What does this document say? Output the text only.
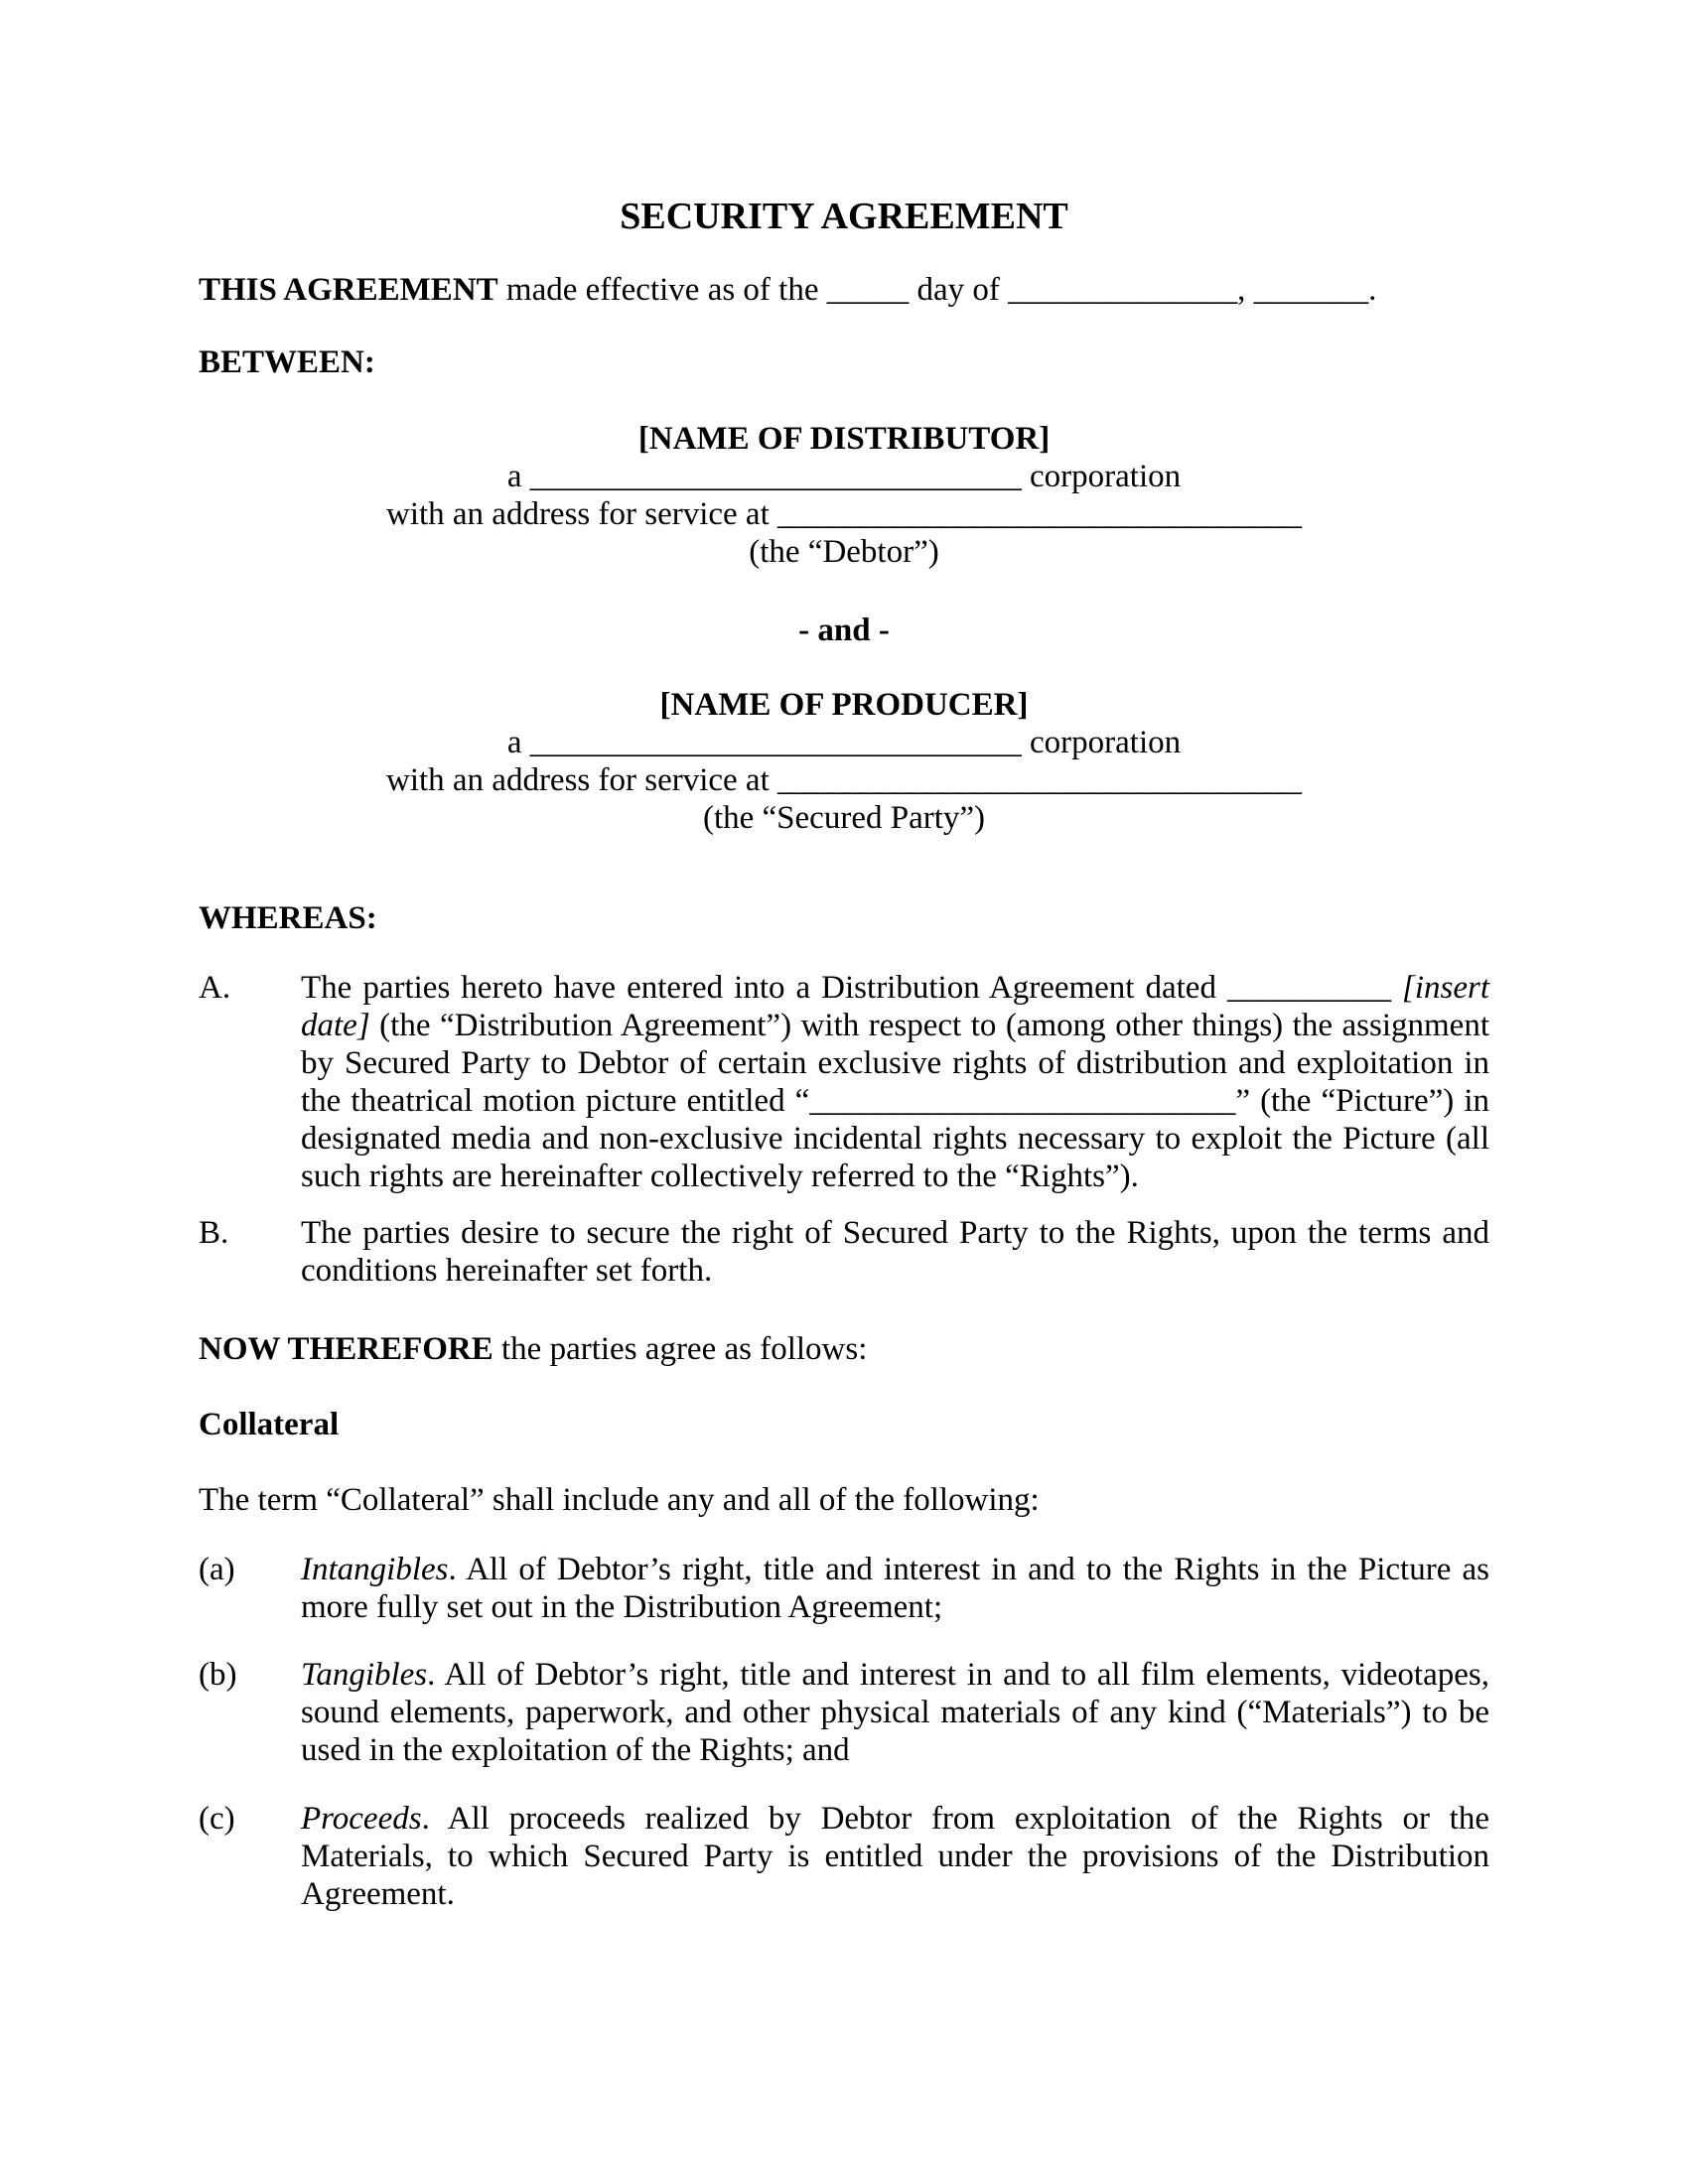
SECURITY AGREEMENT

THIS AGREEMENT made effective as of the _____ day of ______________, _______.

BETWEEN:

[NAME OF DISTRIBUTOR]

a ______________________________ corporation

with an address for service at ________________________________

(the “Debtor”)

- and -

[NAME OF PRODUCER]

a ______________________________ corporation

with an address for service at ________________________________

(the “Secured Party”)

WHEREAS:

A.	The parties hereto have entered into a Distribution Agreement dated __________ [insert date] (the “Distribution Agreement”) with respect to (among other things) the assignment by Secured Party to Debtor of certain exclusive rights of distribution and exploitation in the theatrical motion picture entitled “__________________________” (the “Picture”) in designated media and non-exclusive incidental rights necessary to exploit the Picture (all such rights are hereinafter collectively referred to the “Rights”).

B.	The parties desire to secure the right of Secured Party to the Rights, upon the terms and conditions hereinafter set forth.

NOW THEREFORE the parties agree as follows:

Collateral

The term “Collateral” shall include any and all of the following:

(a)	Intangibles. All of Debtor’s right, title and interest in and to the Rights in the Picture as more fully set out in the Distribution Agreement;

(b)	Tangibles. All of Debtor’s right, title and interest in and to all film elements, videotapes, sound elements, paperwork, and other physical materials of any kind (“Materials”) to be used in the exploitation of the Rights; and

(c)	Proceeds. All proceeds realized by Debtor from exploitation of the Rights or the Materials, to which Secured Party is entitled under the provisions of the Distribution Agreement.
